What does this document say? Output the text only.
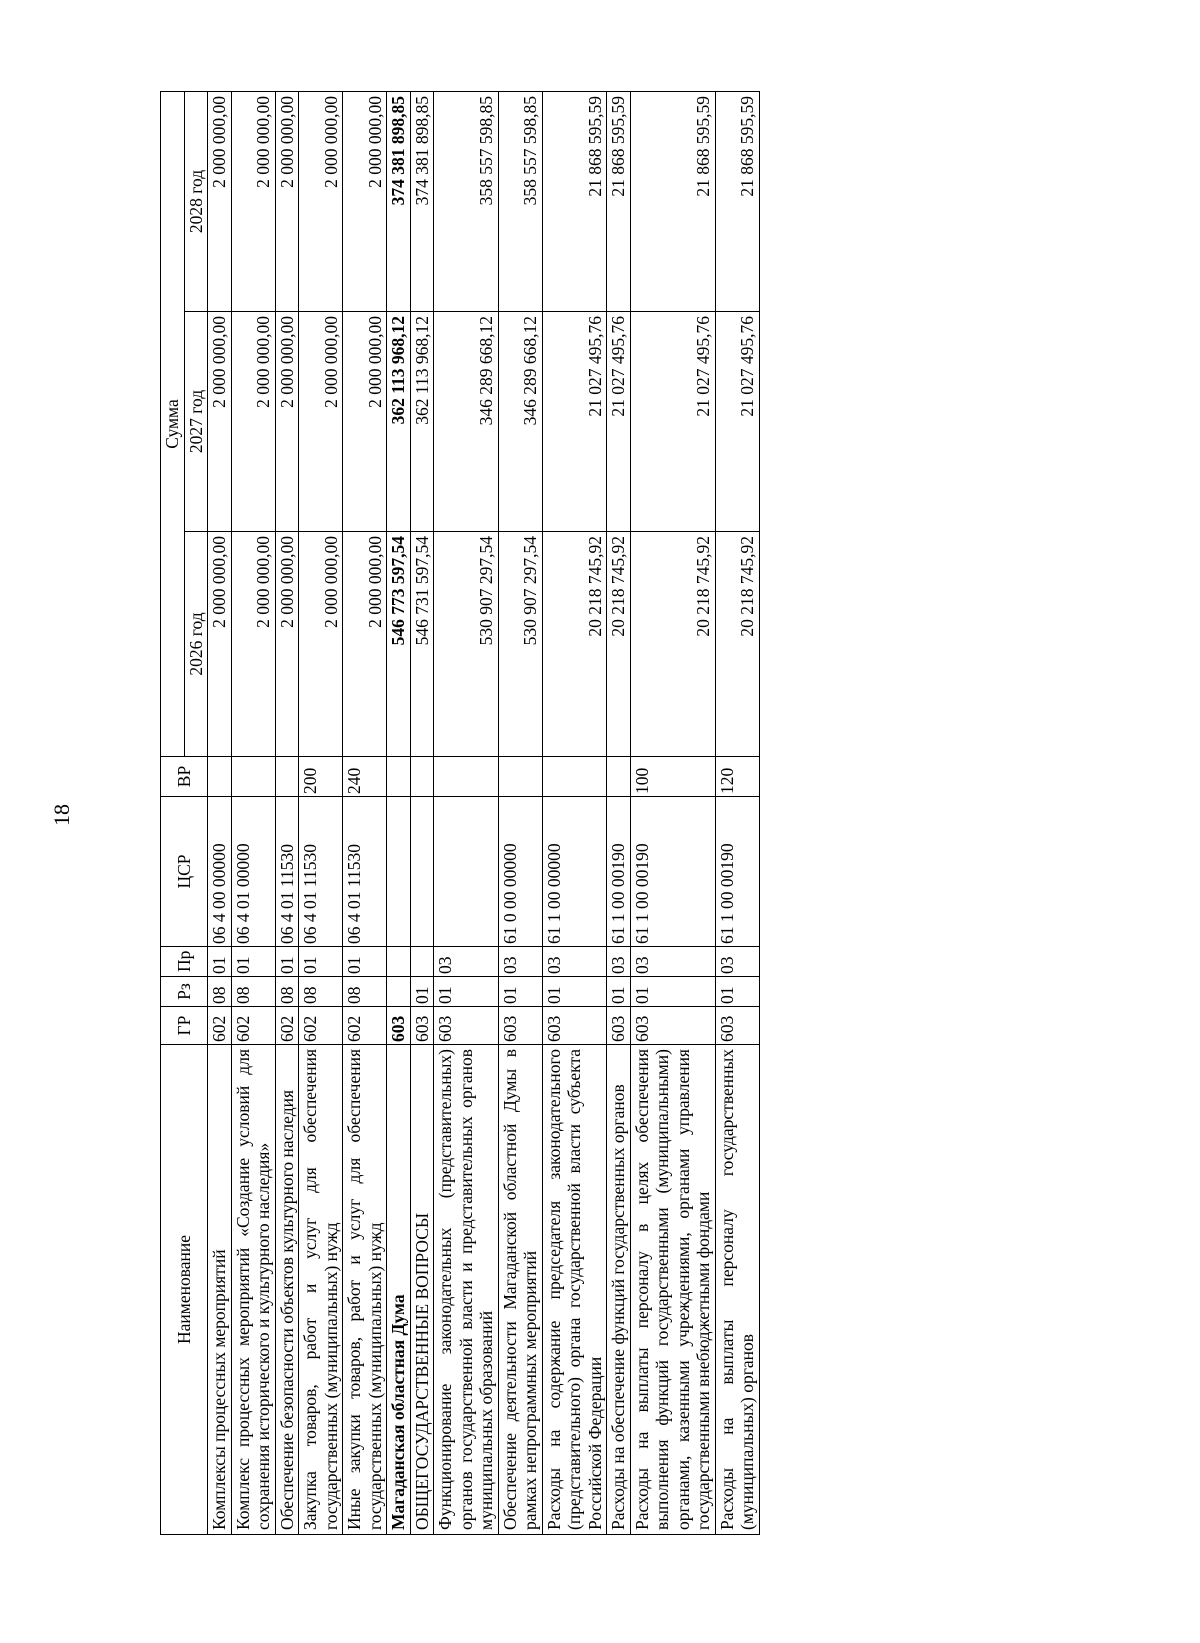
18
Наименование	ГР	Рз	Пр	ЦСР	ВР	Сумма		
						2026 год	2027 год	2028 год
Комплексы процессных мероприятий	602	08	01	06 4 00 00000		2 000 000,00	2 000 000,00	2 000 000,00
Комплекс процессных мероприятий «Создание условий для сохранения исторического и культурного наследия»	602	08	01	06 4 01 00000		2 000 000,00	2 000 000,00	2 000 000,00
Обеспечение безопасности объектов культурного наследия	602	08	01	06 4 01 11530		2 000 000,00	2 000 000,00	2 000 000,00
Закупка товаров, работ и услуг для обеспечения государственных (муниципальных) нужд	602	08	01	06 4 01 11530	200	2 000 000,00	2 000 000,00	2 000 000,00
Иные закупки товаров, работ и услуг для обеспечения государственных (муниципальных) нужд	602	08	01	06 4 01 11530	240	2 000 000,00	2 000 000,00	2 000 000,00
Магаданская областная Дума	603					546 773 597,54	362 113 968,12	374 381 898,85
ОБЩЕГОСУДАРСТВЕННЫЕ ВОПРОСЫ	603	01				546 731 597,54	362 113 968,12	374 381 898,85
Функционирование законодательных (представительных) органов государственной власти и представительных органов муниципальных образований	603	01	03			530 907 297,54	346 289 668,12	358 557 598,85
Обеспечение деятельности Магаданской областной Думы в рамках непрограммных мероприятий	603	01	03	61 0 00 00000		530 907 297,54	346 289 668,12	358 557 598,85
Расходы на содержание председателя законодательного (представительного) органа государственной власти субъекта Российской Федерации	603	01	03	61 1 00 00000		20 218 745,92	21 027 495,76	21 868 595,59
Расходы на обеспечение функций государственных органов	603	01	03	61 1 00 00190		20 218 745,92	21 027 495,76	21 868 595,59
Расходы на выплаты персоналу в целях обеспечения выполнения функций государственными (муниципальными) органами, казенными учреждениями, органами управления государственными внебюджетными фондами	603	01	03	61 1 00 00190	100	20 218 745,92	21 027 495,76	21 868 595,59
Расходы на выплаты персоналу государственных (муниципальных) органов	603	01	03	61 1 00 00190	120	20 218 745,92	21 027 495,76	21 868 595,59
